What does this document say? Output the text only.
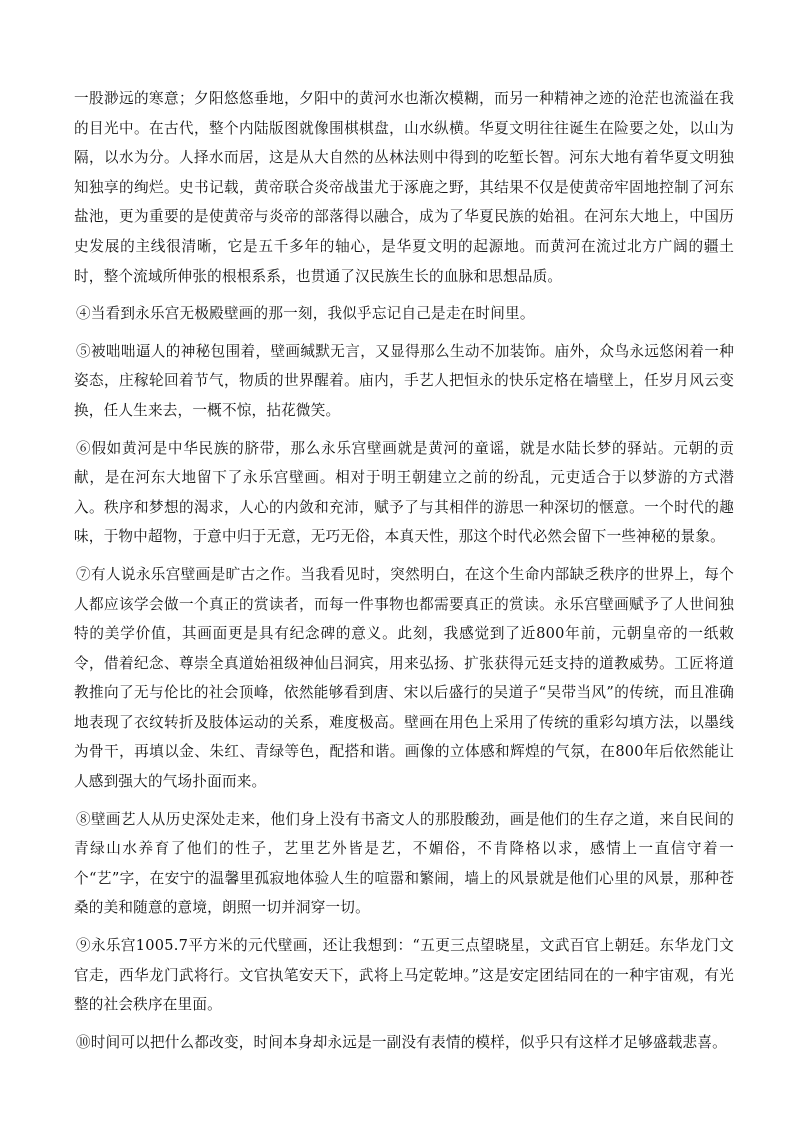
一股渺远的寒意；夕阳悠悠垂地，夕阳中的黄河水也渐次模糊，而另一种精神之迹的沧茫也流溢在我的目光中。在古代，整个内陆版图就像围棋棋盘，山水纵横。华夏文明往往诞生在险要之处，以山为隔，以水为分。人择水而居，这是从大自然的丛林法则中得到的吃堑长智。河东大地有着华夏文明独知独享的绚烂。史书记载，黄帝联合炎帝战蚩尤于涿鹿之野，其结果不仅是使黄帝牢固地控制了河东盐池，更为重要的是使黄帝与炎帝的部落得以融合，成为了华夏民族的始祖。在河东大地上，中国历史发展的主线很清晰，它是五千多年的轴心，是华夏文明的起源地。而黄河在流过北方广阔的疆土时，整个流域所伸张的根根系系，也贯通了汉民族生长的血脉和思想品质。

④当看到永乐宫无极殿壁画的那一刻，我似乎忘记自己是走在时间里。

⑤被咄咄逼人的神秘包围着，壁画缄默无言，又显得那么生动不加装饰。庙外，众鸟永远悠闲着一种姿态，庄稼轮回着节气，物质的世界醒着。庙内，手艺人把恒永的快乐定格在墙壁上，任岁月风云变换，任人生来去，一概不惊，拈花微笑。

⑥假如黄河是中华民族的脐带，那么永乐宫壁画就是黄河的童谣，就是水陆长梦的驿站。元朝的贡献，是在河东大地留下了永乐宫壁画。相对于明王朝建立之前的纷乱，元吏适合于以梦游的方式潜入。秩序和梦想的渴求，人心的内敛和充沛，赋予了与其相伴的游思一种深切的惬意。一个时代的趣味，于物中超物，于意中归于无意，无巧无俗，本真天性，那这个时代必然会留下一些神秘的景象。

⑦有人说永乐宫壁画是旷古之作。当我看见时，突然明白，在这个生命内部缺乏秩序的世界上，每个人都应该学会做一个真正的赏读者，而每一件事物也都需要真正的赏读。永乐宫壁画赋予了人世间独特的美学价值，其画面更是具有纪念碑的意义。此刻，我感觉到了近800年前，元朝皇帝的一纸敕令，借着纪念、尊崇全真道始祖级神仙吕洞宾，用来弘扬、扩张获得元廷支持的道教威势。工匠将道教推向了无与伦比的社会顶峰，依然能够看到唐、宋以后盛行的吴道子“吴带当风”的传统，而且准确地表现了衣纹转折及肢体运动的关系，难度极高。壁画在用色上采用了传统的重彩勾填方法，以墨线为骨干，再填以金、朱红、青绿等色，配搭和谐。画像的立体感和辉煌的气氛，在800年后依然能让人感到强大的气场扑面而来。

⑧壁画艺人从历史深处走来，他们身上没有书斋文人的那股酸劲，画是他们的生存之道，来自民间的青绿山水养育了他们的性子，艺里艺外皆是艺，不媚俗，不肯降格以求，感情上一直信守着一个“艺”字，在安宁的温馨里孤寂地体验人生的喧嚣和繁闹，墙上的风景就是他们心里的风景，那种苍桑的美和随意的意境，朗照一切并洞穿一切。

⑨永乐宫1005.7平方米的元代壁画，还让我想到：“五更三点望晓星，文武百官上朝廷。东华龙门文官走，西华龙门武将行。文官执笔安天下，武将上马定乾坤。”这是安定团结同在的一种宇宙观，有光整的社会秩序在里面。

⑩时间可以把什么都改变，时间本身却永远是一副没有表情的模样，似乎只有这样才足够盛载悲喜。
